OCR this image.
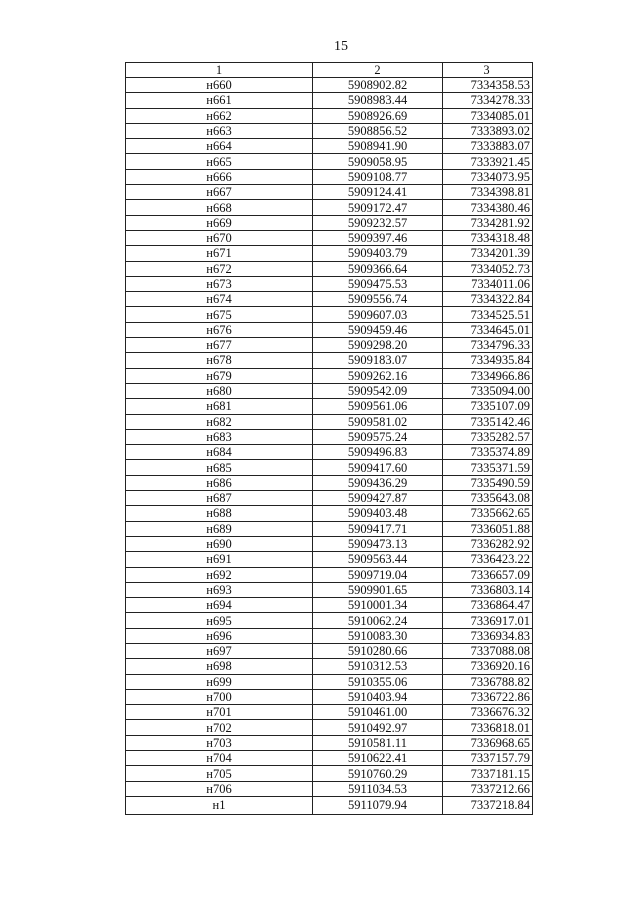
15
1	2	3
н660	5908902.82	7334358.53
н661	5908983.44	7334278.33
н662	5908926.69	7334085.01
н663	5908856.52	7333893.02
н664	5908941.90	7333883.07
н665	5909058.95	7333921.45
н666	5909108.77	7334073.95
н667	5909124.41	7334398.81
н668	5909172.47	7334380.46
н669	5909232.57	7334281.92
н670	5909397.46	7334318.48
н671	5909403.79	7334201.39
н672	5909366.64	7334052.73
н673	5909475.53	7334011.06
н674	5909556.74	7334322.84
н675	5909607.03	7334525.51
н676	5909459.46	7334645.01
н677	5909298.20	7334796.33
н678	5909183.07	7334935.84
н679	5909262.16	7334966.86
н680	5909542.09	7335094.00
н681	5909561.06	7335107.09
н682	5909581.02	7335142.46
н683	5909575.24	7335282.57
н684	5909496.83	7335374.89
н685	5909417.60	7335371.59
н686	5909436.29	7335490.59
н687	5909427.87	7335643.08
н688	5909403.48	7335662.65
н689	5909417.71	7336051.88
н690	5909473.13	7336282.92
н691	5909563.44	7336423.22
н692	5909719.04	7336657.09
н693	5909901.65	7336803.14
н694	5910001.34	7336864.47
н695	5910062.24	7336917.01
н696	5910083.30	7336934.83
н697	5910280.66	7337088.08
н698	5910312.53	7336920.16
н699	5910355.06	7336788.82
н700	5910403.94	7336722.86
н701	5910461.00	7336676.32
н702	5910492.97	7336818.01
н703	5910581.11	7336968.65
н704	5910622.41	7337157.79
н705	5910760.29	7337181.15
н706	5911034.53	7337212.66
н1	5911079.94	7337218.84
